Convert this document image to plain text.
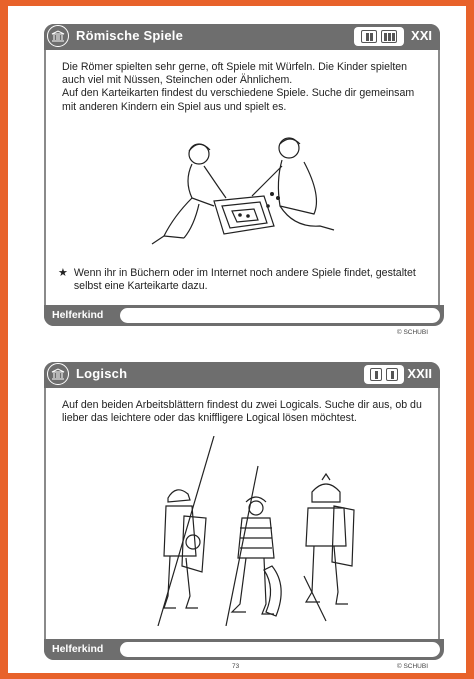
Römische Spiele	XXI

Die Römer spielten sehr gerne, oft Spiele mit Würfeln. Die Kinder spielten auch viel mit Nüssen, Steinchen oder Ähnlichem.

Auf den Karteikarten findest du verschiedene Spiele. Suche dir gemeinsam mit anderen Kindern ein Spiel aus und spielt es.

★ Wenn ihr in Büchern oder im Internet noch andere Spiele findet, gestaltet selbst eine Karteikarte dazu.
Helferkind
© SCHUBI
Logisch	XXII

Auf den beiden Arbeitsblättern findest du zwei Logicals. Suche dir aus, ob du lieber das leichtere oder das kniffligere Logical lösen möchtest.

Helferkind
73	© SCHUBI
